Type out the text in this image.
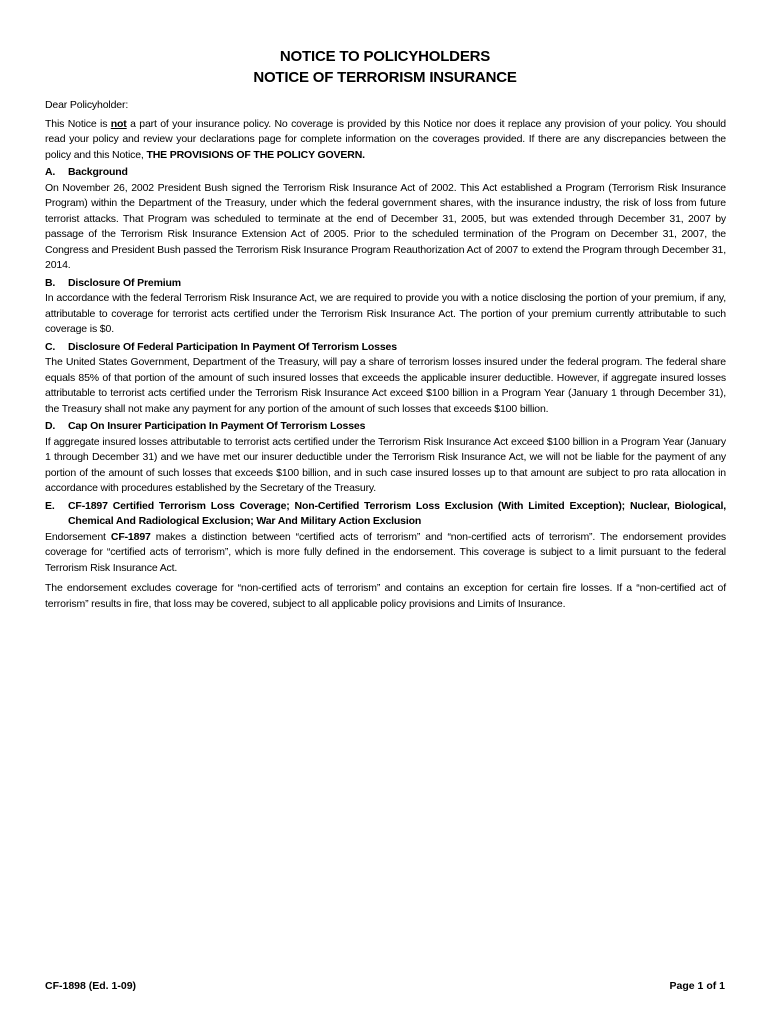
NOTICE TO POLICYHOLDERS
NOTICE OF TERRORISM INSURANCE

Dear Policyholder:

This Notice is not a part of your insurance policy. No coverage is provided by this Notice nor does it replace any provision of your policy. You should read your policy and review your declarations page for complete information on the coverages provided. If there are any discrepancies between the policy and this Notice, THE PROVISIONS OF THE POLICY GOVERN.

A.	Background

On November 26, 2002 President Bush signed the Terrorism Risk Insurance Act of 2002. This Act established a Program (Terrorism Risk Insurance Program) within the Department of the Treasury, under which the federal government shares, with the insurance industry, the risk of loss from future terrorist attacks. That Program was scheduled to terminate at the end of December 31, 2005, but was extended through December 31, 2007 by passage of the Terrorism Risk Insurance Extension Act of 2005. Prior to the scheduled termination of the Program on December 31, 2007, the Congress and President Bush passed the Terrorism Risk Insurance Program Reauthorization Act of 2007 to extend the Program through December 31, 2014.

B.	Disclosure Of Premium

In accordance with the federal Terrorism Risk Insurance Act, we are required to provide you with a notice disclosing the portion of your premium, if any, attributable to coverage for terrorist acts certified under the Terrorism Risk Insurance Act. The portion of your premium currently attributable to such coverage is $0.

C.	Disclosure Of Federal Participation In Payment Of Terrorism Losses

The United States Government, Department of the Treasury, will pay a share of terrorism losses insured under the federal program. The federal share equals 85% of that portion of the amount of such insured losses that exceeds the applicable insurer deductible. However, if aggregate insured losses attributable to terrorist acts certified under the Terrorism Risk Insurance Act exceed $100 billion in a Program Year (January 1 through December 31), the Treasury shall not make any payment for any portion of the amount of such losses that exceeds $100 billion.

D.	Cap On Insurer Participation In Payment Of Terrorism Losses

If aggregate insured losses attributable to terrorist acts certified under the Terrorism Risk Insurance Act exceed $100 billion in a Program Year (January 1 through December 31) and we have met our insurer deductible under the Terrorism Risk Insurance Act, we will not be liable for the payment of any portion of the amount of such losses that exceeds $100 billion, and in such case insured losses up to that amount are subject to pro rata allocation in accordance with procedures established by the Secretary of the Treasury.

E.	CF-1897 Certified Terrorism Loss Coverage; Non-Certified Terrorism Loss Exclusion (With Limited Exception); Nuclear, Biological, Chemical And Radiological Exclusion; War And Military Action Exclusion

Endorsement CF-1897 makes a distinction between “certified acts of terrorism” and “non-certified acts of terrorism”. The endorsement provides coverage for “certified acts of terrorism”, which is more fully defined in the endorsement. This coverage is subject to a limit pursuant to the federal Terrorism Risk Insurance Act.

The endorsement excludes coverage for “non-certified acts of terrorism” and contains an exception for certain fire losses. If a “non-certified act of terrorism” results in fire, that loss may be covered, subject to all applicable policy provisions and Limits of Insurance.

CF-1898 (Ed. 1-09)	Page 1 of 1
